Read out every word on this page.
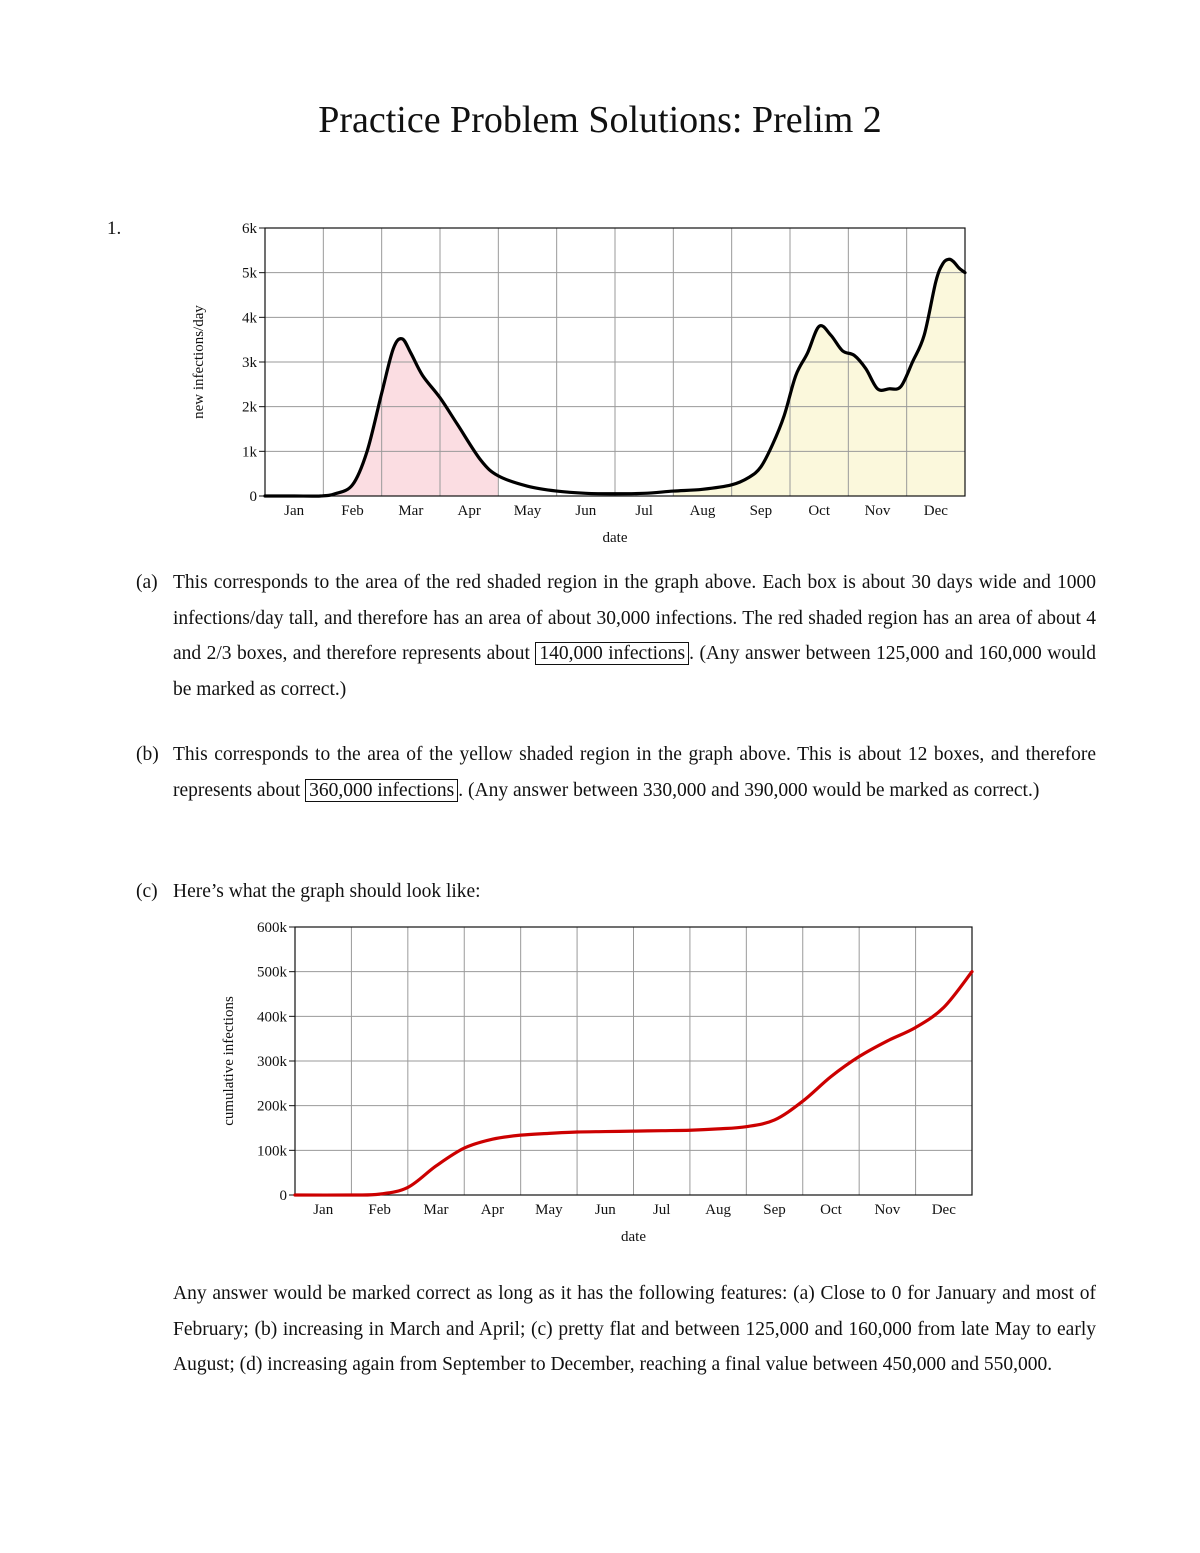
Practice Problem Solutions: Prelim 2
1.
0
1k
2k
3k
4k
5k
6k
Jan Feb Mar Apr May Jun	Jul Aug Sep Oct Nov Dec
date
new infections/day
(a) This corresponds to the area of the red shaded region in the graph above. Each box is about 30 days wide and 1000 infections/day tall, and therefore has an area of about 30,000 infections. The red shaded region has an area of about 4 and 2/3 boxes, and therefore represents about 140,000 infections . (Any answer between 125,000 and 160,000 would be marked as correct.)
(b) This corresponds to the area of the yellow shaded region in the graph above. This is about 12 boxes, and therefore represents about 360,000 infections . (Any answer between 330,000 and 390,000 would be marked as correct.)
(c) Here’s what the graph should look like:
0
100k
200k
300k
400k
500k
600k
Jan Feb Mar Apr May Jun Jul Aug Sep Oct Nov Dec
date
cumulative infections
Any answer would be marked correct as long as it has the following features: (a) Close to 0 for January and most of February; (b) increasing in March and April; (c) pretty flat and between 125,000 and 160,000 from late May to early August; (d) increasing again from September to December, reaching a final value between 450,000 and 550,000.
